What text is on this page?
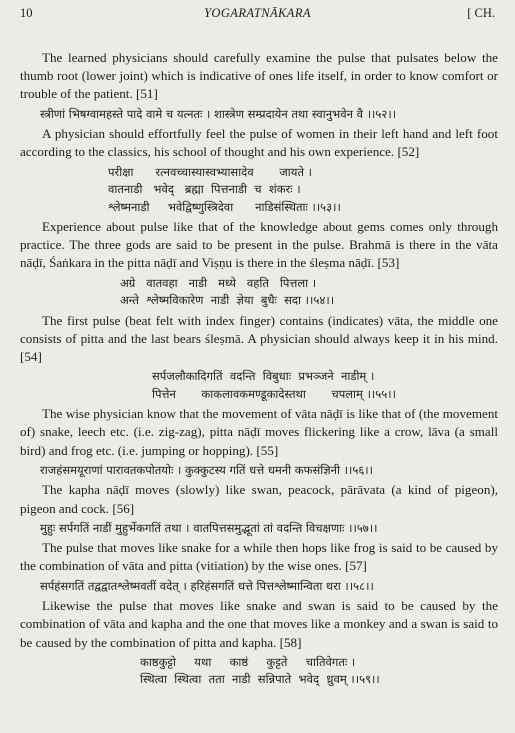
10	YOGARATNĀKARA	[ CH.

The learned physicians should carefully examine the pulse that pulsates below the thumb root (lower joint) which is indicative of ones life itself, in order to know comfort or trouble of the patient. [51]

स्त्रीणां भिषग्वामहस्ते पादे वामे च यत्नतः । शास्त्रेण सम्प्रदायेन तथा स्वानुभवेन वै ।।५२।।

A physician should effortfully feel the pulse of women in their left hand and left foot according to the classics, his school of thought and his own experience. [52]

परीक्षा      रत्नवच्चास्यास्वभ्यासादेव       जायते ।
वातनाडी   भवेद्   ब्रह्मा  पित्तनाडी  च  शंकरः ।
श्लेष्मनाडी     भवेद्विष्णुस्त्रिदेवा      नाडिसंस्थिताः ।।५३।।

Experience about pulse like that of the knowledge about gems comes only through practice. The three gods are said to be present in the pulse. Brahmā is there in the vāta nāḍī, Śaṅkara in the pitta nāḍī and Viṣṇu is there in the śleṣma nāḍī. [53]

अग्रे   वातवहा   नाडी   मध्ये   वहति   पित्तला ।
अन्ते  श्लेष्मविकारेण  नाडी  ज्ञेया  बुधैः  सदा ।।५४।।

The first pulse (beat felt with index finger) contains (indicates) vāta, the middle one consists of pitta and the last bears śleṣmā. A physician should always keep it in his mind. [54]

सर्पजलौकादिगतिं  वदन्ति  विबुधाः  प्रभञ्जने  नाडीम् ।
पित्तेन       काकलावकमण्डूकादेस्तथा       चपलाम् ।।५५।।

The wise physician know that the movement of vāta nāḍī is like that of (the movement of) snake, leech etc. (i.e. zig-zag), pitta nāḍī moves flickering like a crow, lāva (a small bird) and frog etc. (i.e. jumping or hopping). [55]

राजहंसमयूराणां पारावतकपोतयोः । कुक्कुटस्य गतिं धत्ते धमनी कफसंज्ञिनी ।।५६।।

The kapha nāḍī moves (slowly) like swan, peacock, pārāvata (a kind of pigeon), pigeon and cock. [56]

मुहुः सर्पगतिं नाडीं मुहुर्भेकगतिं तथा । वातपित्तसमुद्भूतां तां वदन्ति विचक्षणाः ।।५७।।

The pulse that moves like snake for a while then hops like frog is said to be caused by the combination of vāta and pitta (vitiation) by the wise ones. [57]

सर्पहंसगतिं तद्वद्वातश्लेष्मवतीं वदेत् । हरिहंसगतिं धत्ते पित्तश्लेष्मान्विता धरा ।।५८।।

Likewise the pulse that moves like snake and swan is said to be caused by the combination of vāta and kapha and the one that moves like a monkey and a swan is said to be caused by the combination of pitta and kapha. [58]

काष्ठकुट्टो     यथा     काष्ठं     कुट्टते     चातिवेगतः ।
स्थित्वा  स्थित्वा  तता  नाडी  सन्निपाते  भवेद्  ध्रुवम् ।।५९।।
